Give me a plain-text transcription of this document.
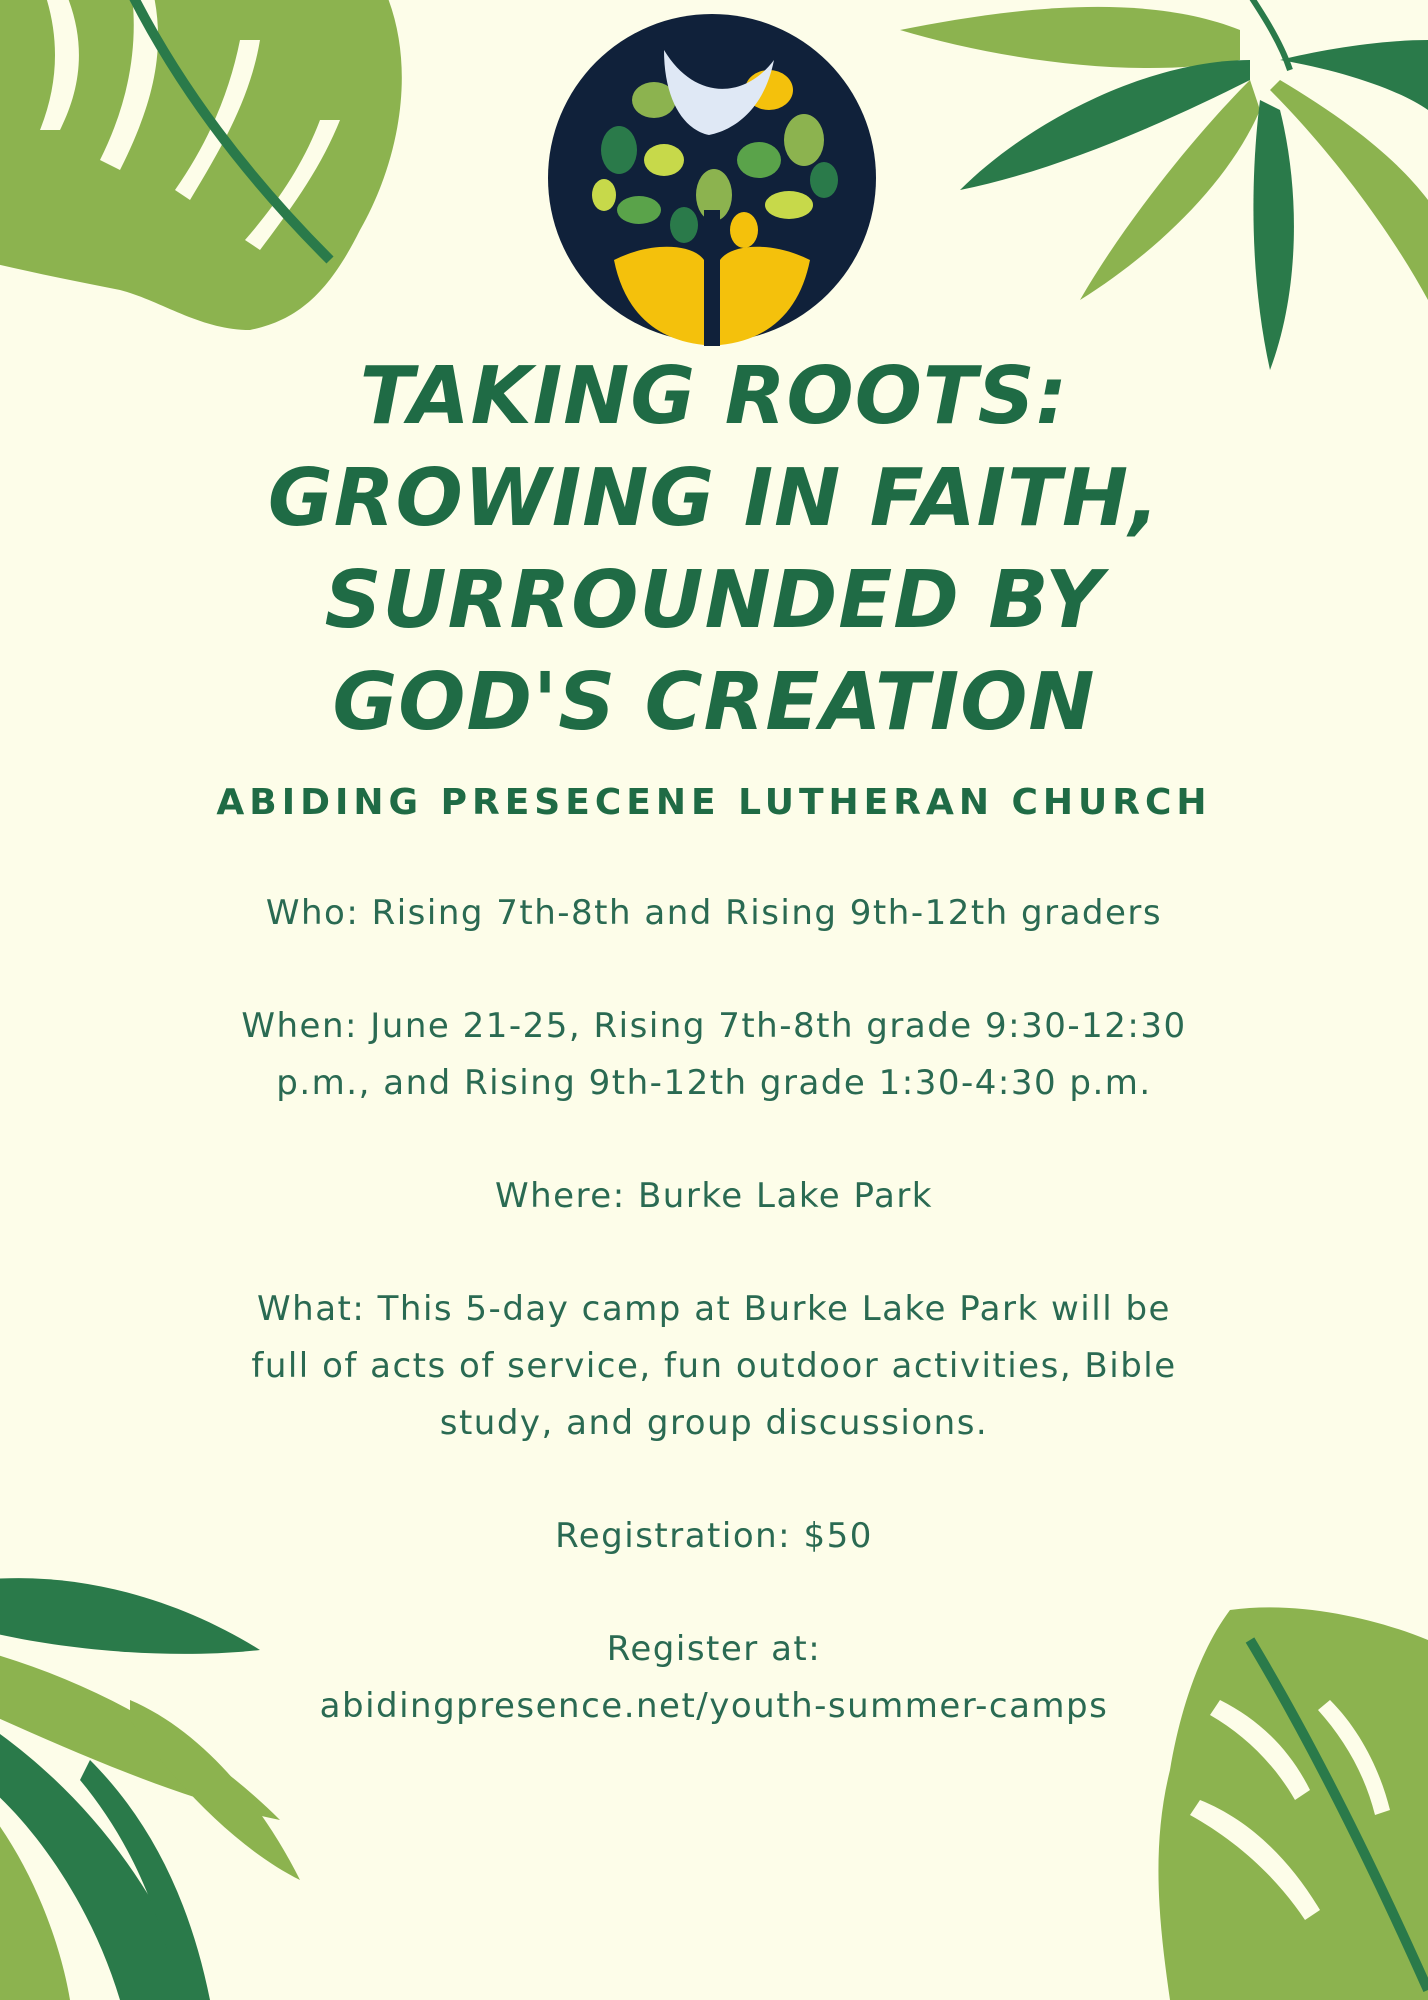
TAKING ROOTS:
GROWING IN FAITH,
SURROUNDED BY
GOD'S CREATION
ABIDING PRESECENE LUTHERAN CHURCH
Who: Rising 7th-8th and Rising 9th-12th graders
When: June 21-25, Rising 7th-8th grade 9:30-12:30
p.m., and Rising 9th-12th grade 1:30-4:30 p.m.
Where: Burke Lake Park
What: This 5-day camp at Burke Lake Park will be
full of acts of service, fun outdoor activities, Bible
study, and group discussions.
Registration: $50
Register at:
abidingpresence.net/youth-summer-camps
